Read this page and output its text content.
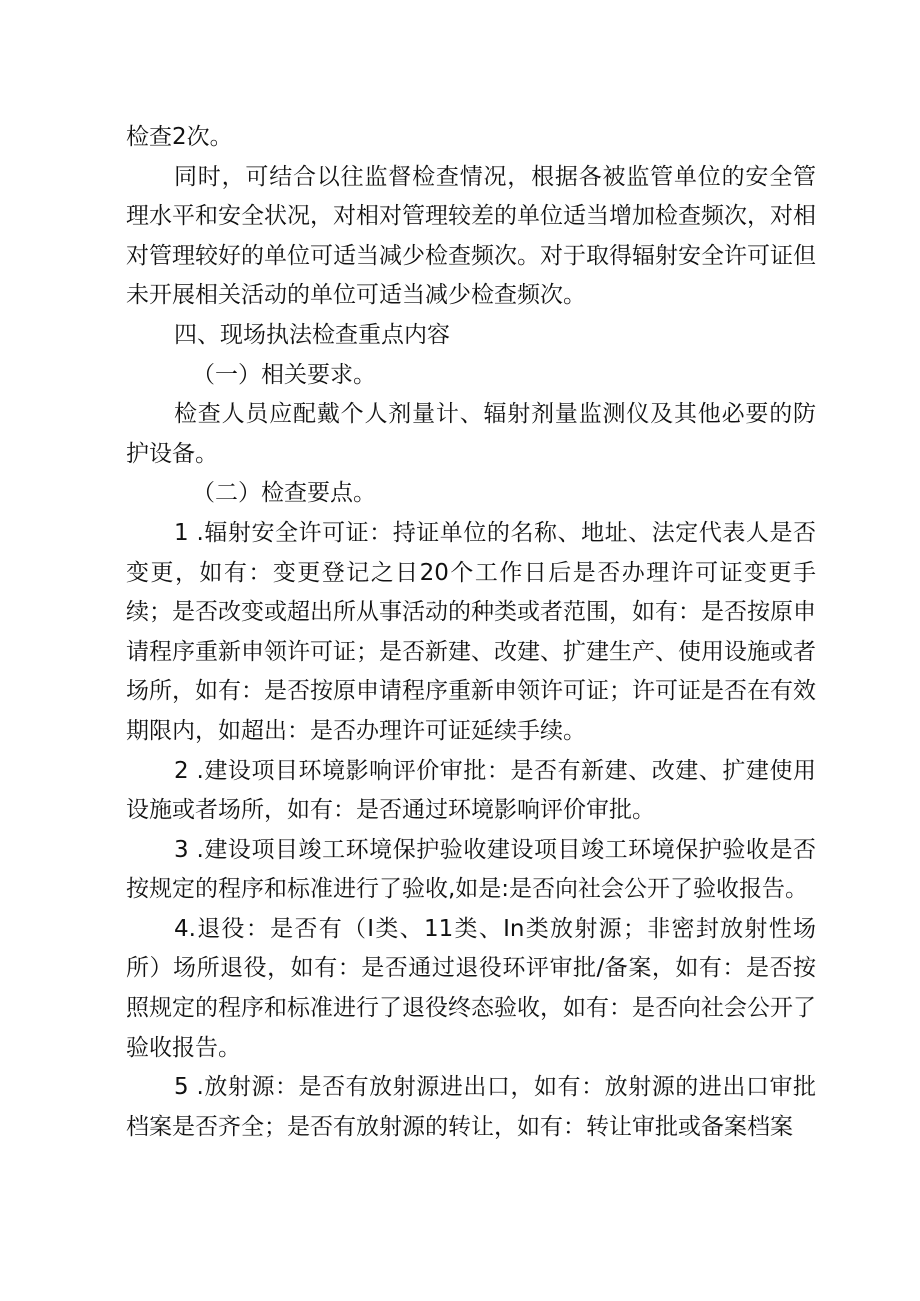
检查2次。

同时，可结合以往监督检查情况，根据各被监管单位的安全管理水平和安全状况，对相对管理较差的单位适当增加检查频次，对相对管理较好的单位可适当减少检查频次。对于取得辐射安全许可证但未开展相关活动的单位可适当减少检查频次。

四、现场执法检查重点内容

（一）相关要求。

检查人员应配戴个人剂量计、辐射剂量监测仪及其他必要的防护设备。

（二）检查要点。

1 .辐射安全许可证：持证单位的名称、地址、法定代表人是否变更，如有：变更登记之日20个工作日后是否办理许可证变更手续；是否改变或超出所从事活动的种类或者范围，如有：是否按原申请程序重新申领许可证；是否新建、改建、扩建生产、使用设施或者场所，如有：是否按原申请程序重新申领许可证；许可证是否在有效期限内，如超出：是否办理许可证延续手续。

2 .建设项目环境影响评价审批：是否有新建、改建、扩建使用设施或者场所，如有：是否通过环境影响评价审批。

3 .建设项目竣工环境保护验收建设项目竣工环境保护验收是否按规定的程序和标准进行了验收,如是:是否向社会公开了验收报告。

4.退役：是否有（I类、11类、In类放射源；非密封放射性场所）场所退役，如有：是否通过退役环评审批/备案，如有：是否按照规定的程序和标准进行了退役终态验收，如有：是否向社会公开了验收报告。

5 .放射源：是否有放射源进出口，如有：放射源的进出口审批档案是否齐全；是否有放射源的转让，如有：转让审批或备案档案
